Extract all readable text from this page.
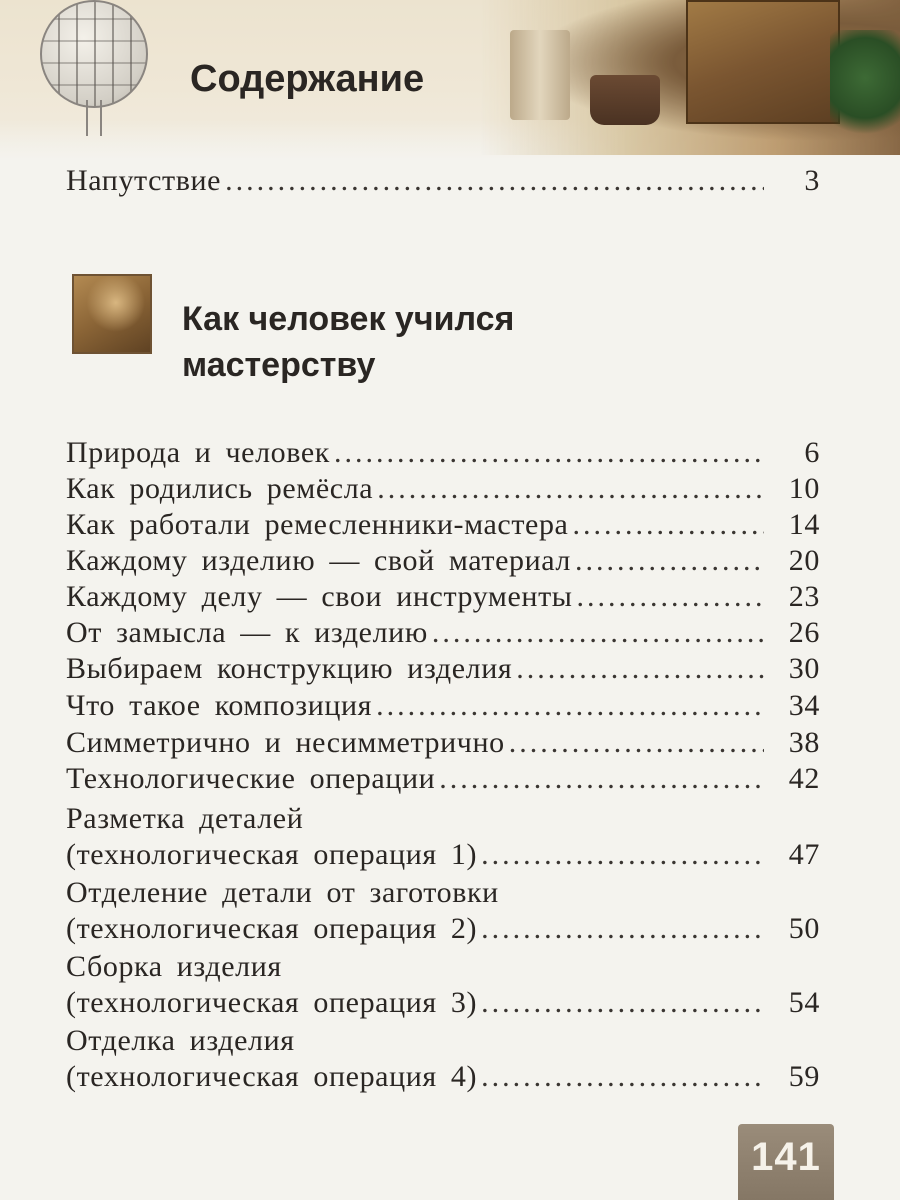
Содержание
Напутствие .....	3
Как человек учился мастерству
Природа и человек .....	6
Как родились ремёсла .....	10
Как работали ремесленники-мастера .....	14
Каждому изделию — свой материал .....	20
Каждому делу — свои инструменты .....	23
От замысла — к изделию .....	26
Выбираем конструкцию изделия .....	30
Что такое композиция .....	34
Симметрично и несимметрично .....	38
Технологические операции .....	42
Разметка деталей
(технологическая операция 1) .....	47
Отделение детали от заготовки
(технологическая операция 2) .....	50
Сборка изделия
(технологическая операция 3) .....	54
Отделка изделия
(технологическая операция 4) .....	59
141
